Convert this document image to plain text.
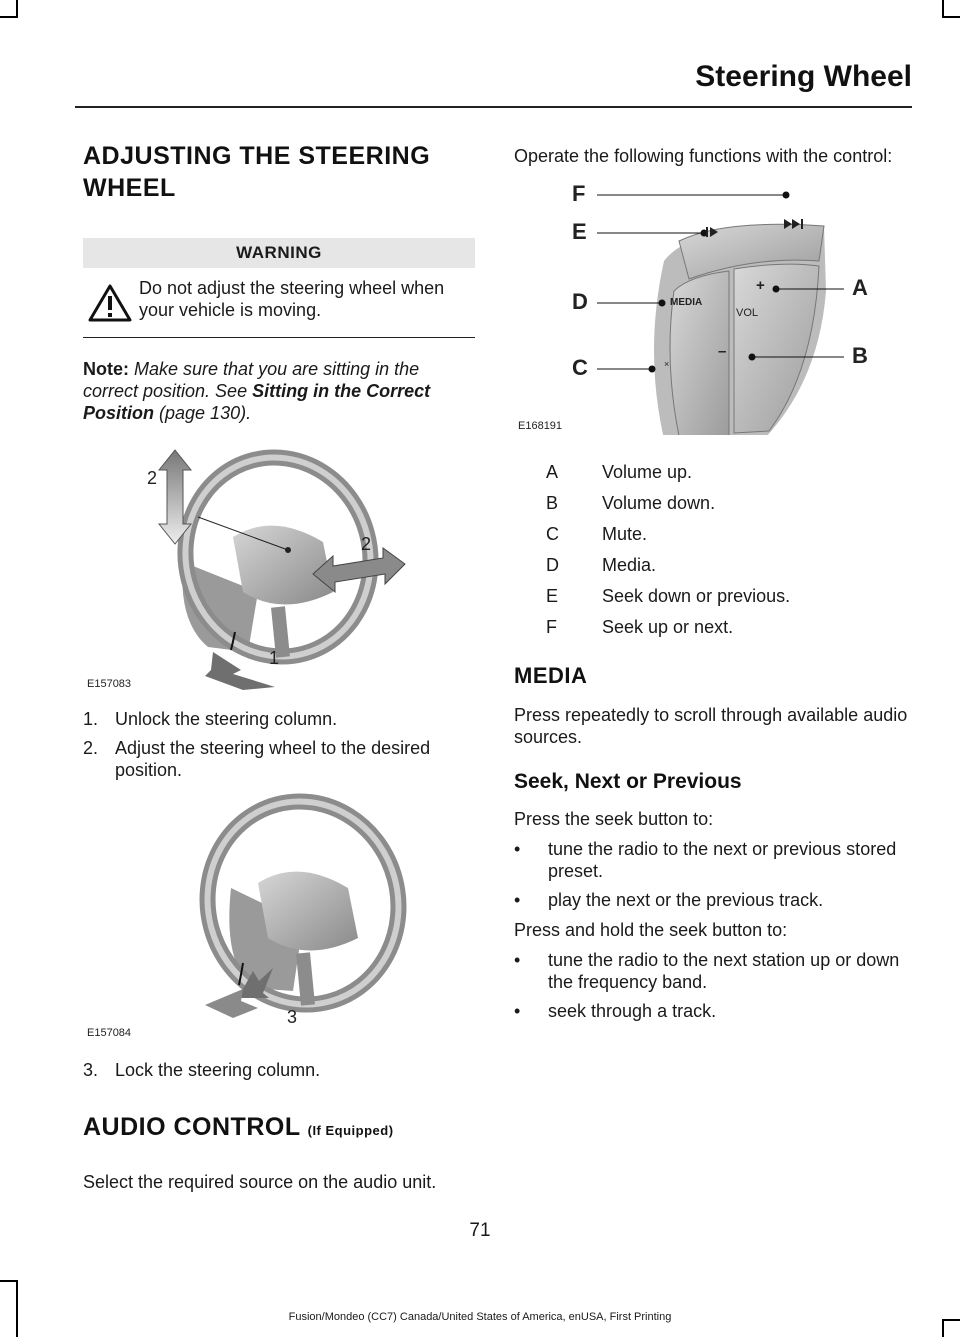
Steering Wheel
ADJUSTING THE STEERING WHEEL
WARNING
Do not adjust the steering wheel when your vehicle is moving.

Note: Make sure that you are sitting in the correct position. See Sitting in the Correct Position (page 130).

2
2
1
E157083
1. Unlock the steering column.
2. Adjust the steering wheel to the desired position.
3
E157084
3. Lock the steering column.
AUDIO CONTROL (If Equipped)

Select the required source on the audio unit.

Operate the following functions with the control:

×
F
E
D
C
A
B
MEDIA
VOL
+
–
E168191
A	Volume up.
B	Volume down.
C	Mute.
D	Media.
E	Seek down or previous.
F	Seek up or next.
MEDIA

Press repeatedly to scroll through available audio sources.

Seek, Next or Previous

Press the seek button to:

•	tune the radio to the next or previous stored preset.
•	play the next or the previous track.

Press and hold the seek button to:

•	tune the radio to the next station up or down the frequency band.
•	seek through a track.
71
Fusion/Mondeo (CC7) Canada/United States of America, enUSA, First Printing
